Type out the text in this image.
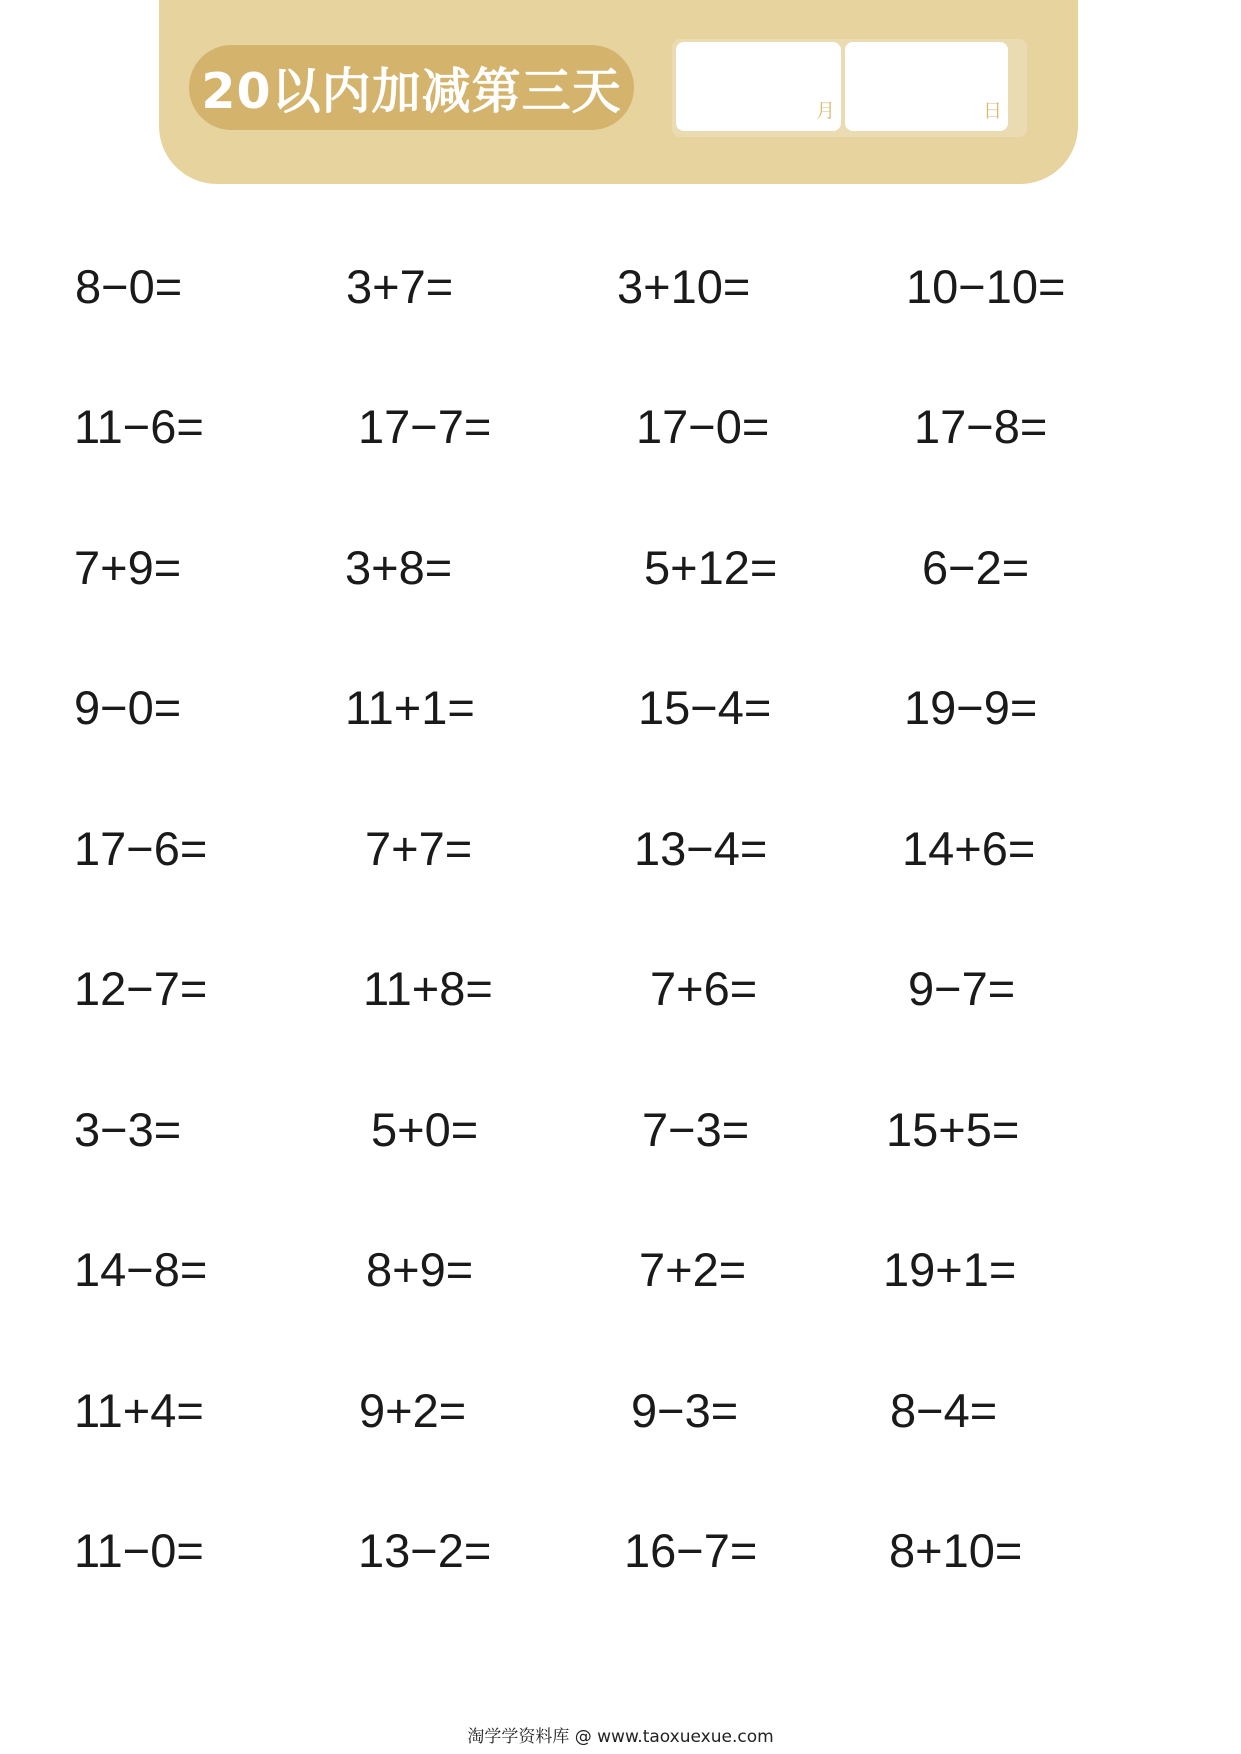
20以内加减第三天	月	日
8−0=	3+7=	3+10=	10−10=
11−6=	17−7=	17−0=	17−8=
7+9=	3+8=	5+12=	6−2=
9−0=	11+1=	15−4=	19−9=
17−6=	7+7=	13−4=	14+6=
12−7=	11+8=	7+6=	9−7=
3−3=	5+0=	7−3=	15+5=
14−8=	8+9=	7+2=	19+1=
11+4=	9+2=	9−3=	8−4=
11−0=	13−2=	16−7=	8+10=
淘学学资料库 @ www.taoxuexue.com
